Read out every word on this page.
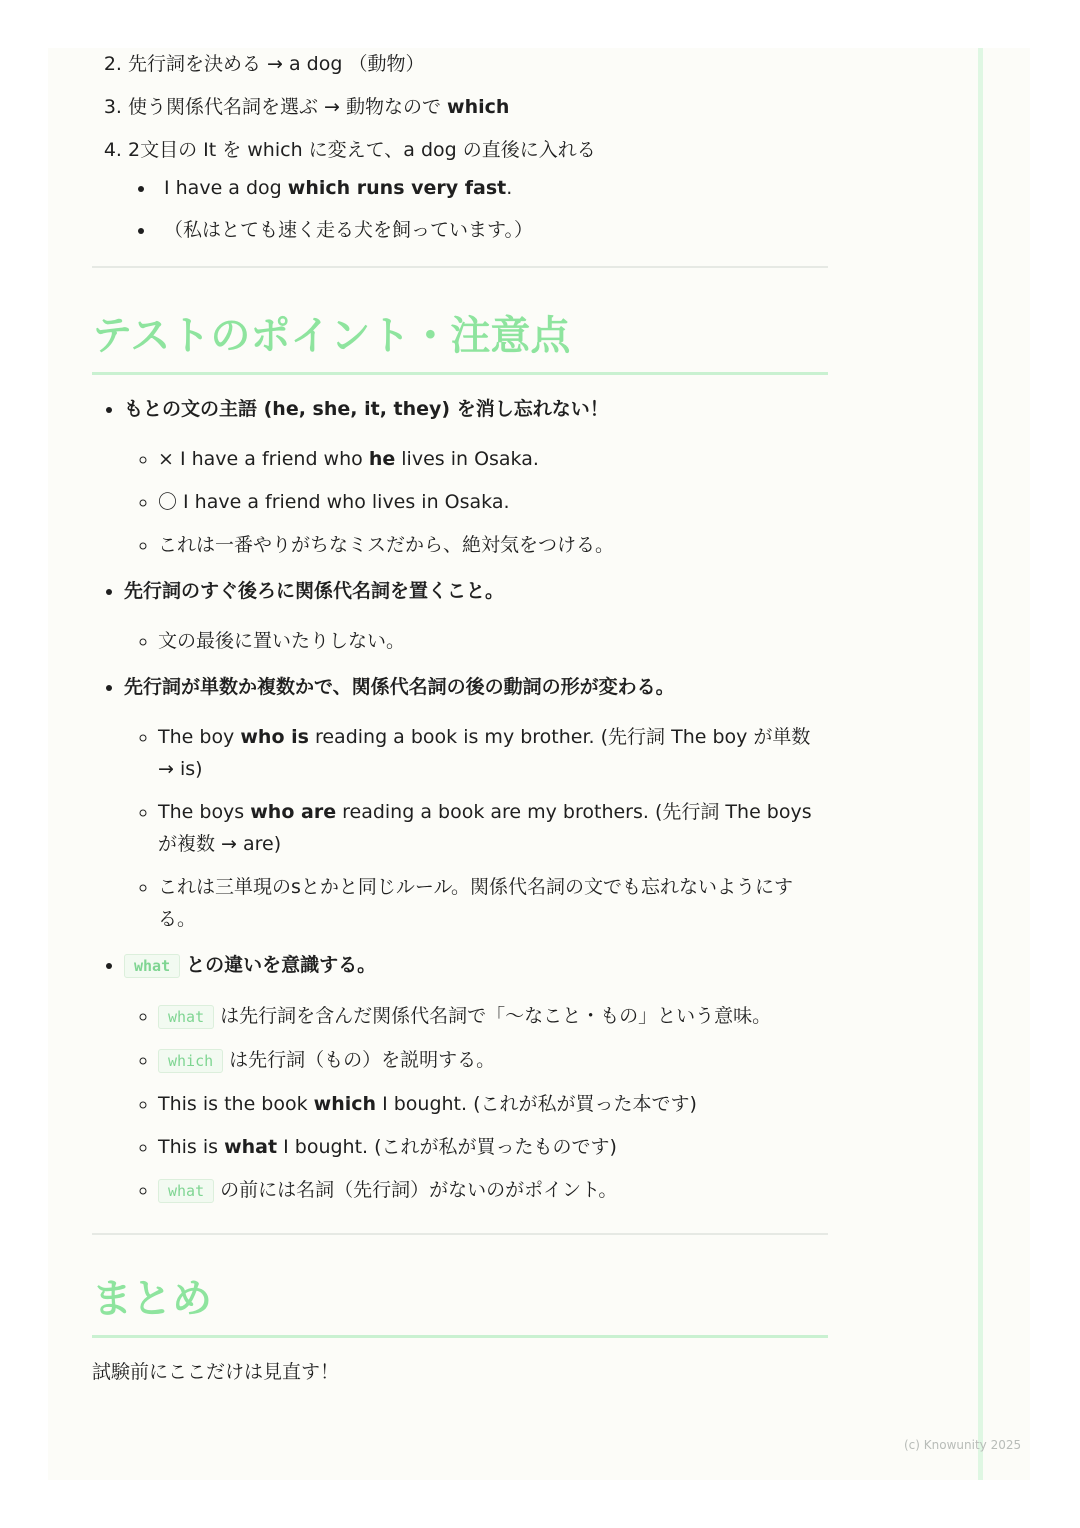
2. 先行詞を決める → a dog （動物）
3. 使う関係代名詞を選ぶ → 動物なので which
4. 2文目の It を which に変えて、a dog の直後に入れる
• I have a dog which runs very fast.
• （私はとても速く走る犬を飼っています。）
テストのポイント・注意点
• もとの文の主語 (he, she, it, they) を消し忘れない！
◦ × I have a friend who he lives in Osaka.
◦ 〇 I have a friend who lives in Osaka.
◦ これは一番やりがちなミスだから、絶対気をつける。
• 先行詞のすぐ後ろに関係代名詞を置くこと。
◦ 文の最後に置いたりしない。
• 先行詞が単数か複数かで、関係代名詞の後の動詞の形が変わる。
◦ The boy who is reading a book is my brother. (先行詞 The boy が単数 → is)
◦ The boys who are reading a book are my brothers. (先行詞 The boys が複数 → are)
◦ これは三単現のsとかと同じルール。関係代名詞の文でも忘れないようにする。
• what との違いを意識する。
◦ what は先行詞を含んだ関係代名詞で「〜なこと・もの」という意味。
◦ which は先行詞（もの）を説明する。
◦ This is the book which I bought. (これが私が買った本です)
◦ This is what I bought. (これが私が買ったものです)
◦ what の前には名詞（先行詞）がないのがポイント。
まとめ

試験前にここだけは見直す！

(c) Knowunity 2025
